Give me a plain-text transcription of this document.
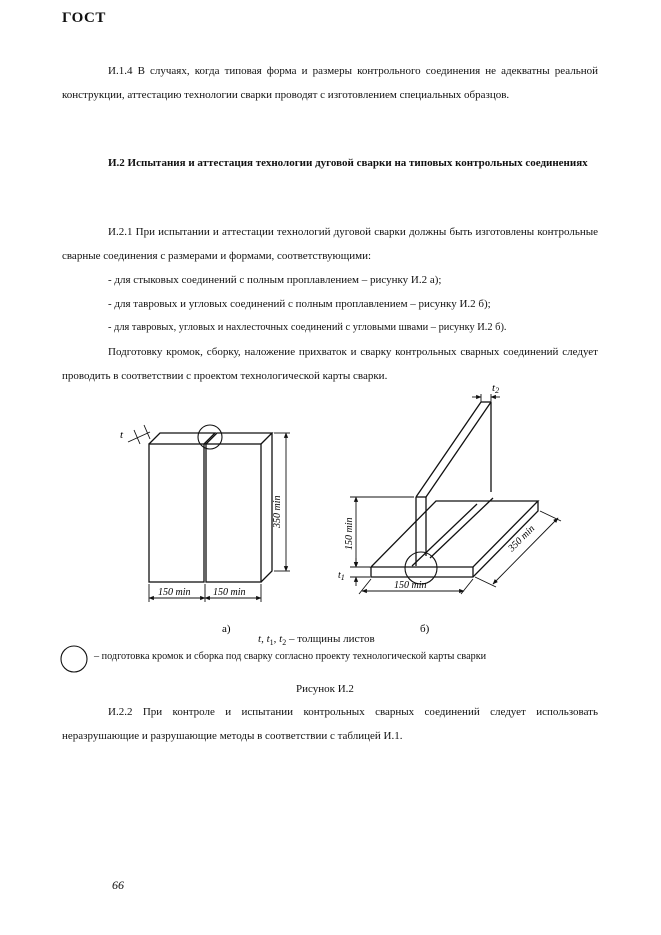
ГОСТ
И.1.4 В случаях, когда типовая форма и размеры контрольного соединения не адекватны реальной конструкции, аттестацию технологии сварки проводят с изготовлением специальных образцов.
И.2 Испытания и аттестация технологии дуговой сварки на типовых контрольных соединениях
И.2.1 При испытании и аттестации технологий дуговой сварки должны быть изготовлены контрольные сварные соединения с размерами и формами, соответствующими:
- для стыковых соединений с полным проплавлением – рисунку И.2 а);
- для тавровых и угловых соединений с полным проплавлением – рисунку И.2 б);
- для тавровых, угловых и нахлесточных соединений с угловыми швами – рисунку И.2 б).
Подготовку кромок, сборку, наложение прихваток и сварку контрольных сварных соединений следует проводить в соответствии с проектом технологической карты сварки.
t
350 min
150 min 150 min
t2
150 min
$t_1$
150 min
350 min
а)	б)
t, $t_1$, $t_2$ – толщины листов
– подготовка кромок и сборка под сварку согласно проекту технологической карты сварки
Рисунок И.2
И.2.2 При контроле и испытании контрольных сварных соединений следует использовать неразрушающие и разрушающие методы в соответствии с таблицей И.1.
66
